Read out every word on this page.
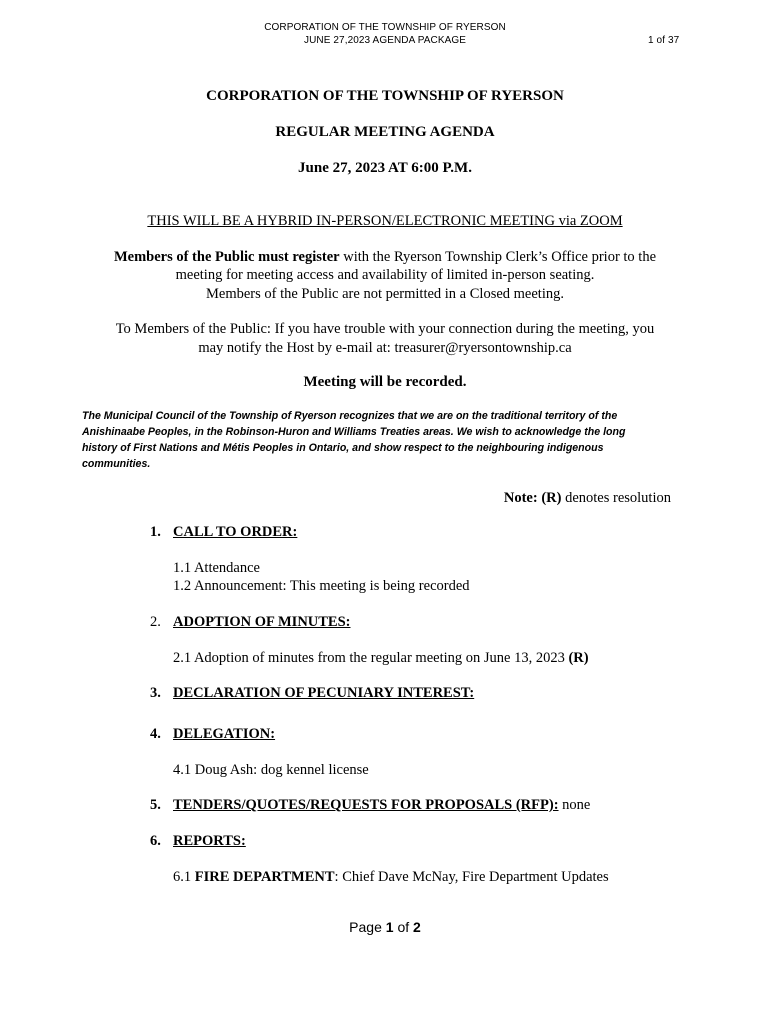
CORPORATION OF THE TOWNSHIP OF RYERSON
JUNE 27,2023 AGENDA PACKAGE	1 of 37
CORPORATION OF THE TOWNSHIP OF RYERSON
REGULAR MEETING AGENDA
June 27, 2023 AT 6:00 P.M.
THIS WILL BE A HYBRID IN-PERSON/ELECTRONIC MEETING via ZOOM
Members of the Public must register with the Ryerson Township Clerk’s Office prior to the
meeting for meeting access and availability of limited in-person seating.
Members of the Public are not permitted in a Closed meeting.
To Members of the Public: If you have trouble with your connection during the meeting, you
may notify the Host by e-mail at: treasurer@ryersontownship.ca
Meeting will be recorded.
The Municipal Council of the Township of Ryerson recognizes that we are on the traditional territory of the
Anishinaabe Peoples, in the Robinson-Huron and Williams Treaties areas. We wish to acknowledge the long
history of First Nations and Métis Peoples in Ontario, and show respect to the neighbouring indigenous
communities.
Note: (R) denotes resolution
1. CALL TO ORDER:
1.1 Attendance
1.2 Announcement: This meeting is being recorded
2. ADOPTION OF MINUTES:
2.1 Adoption of minutes from the regular meeting on June 13, 2023 (R)
3. DECLARATION OF PECUNIARY INTEREST:
4. DELEGATION:
4.1 Doug Ash: dog kennel license
5. TENDERS/QUOTES/REQUESTS FOR PROPOSALS (RFP): none
6. REPORTS:
6.1 FIRE DEPARTMENT: Chief Dave McNay, Fire Department Updates
Page 1 of 2
